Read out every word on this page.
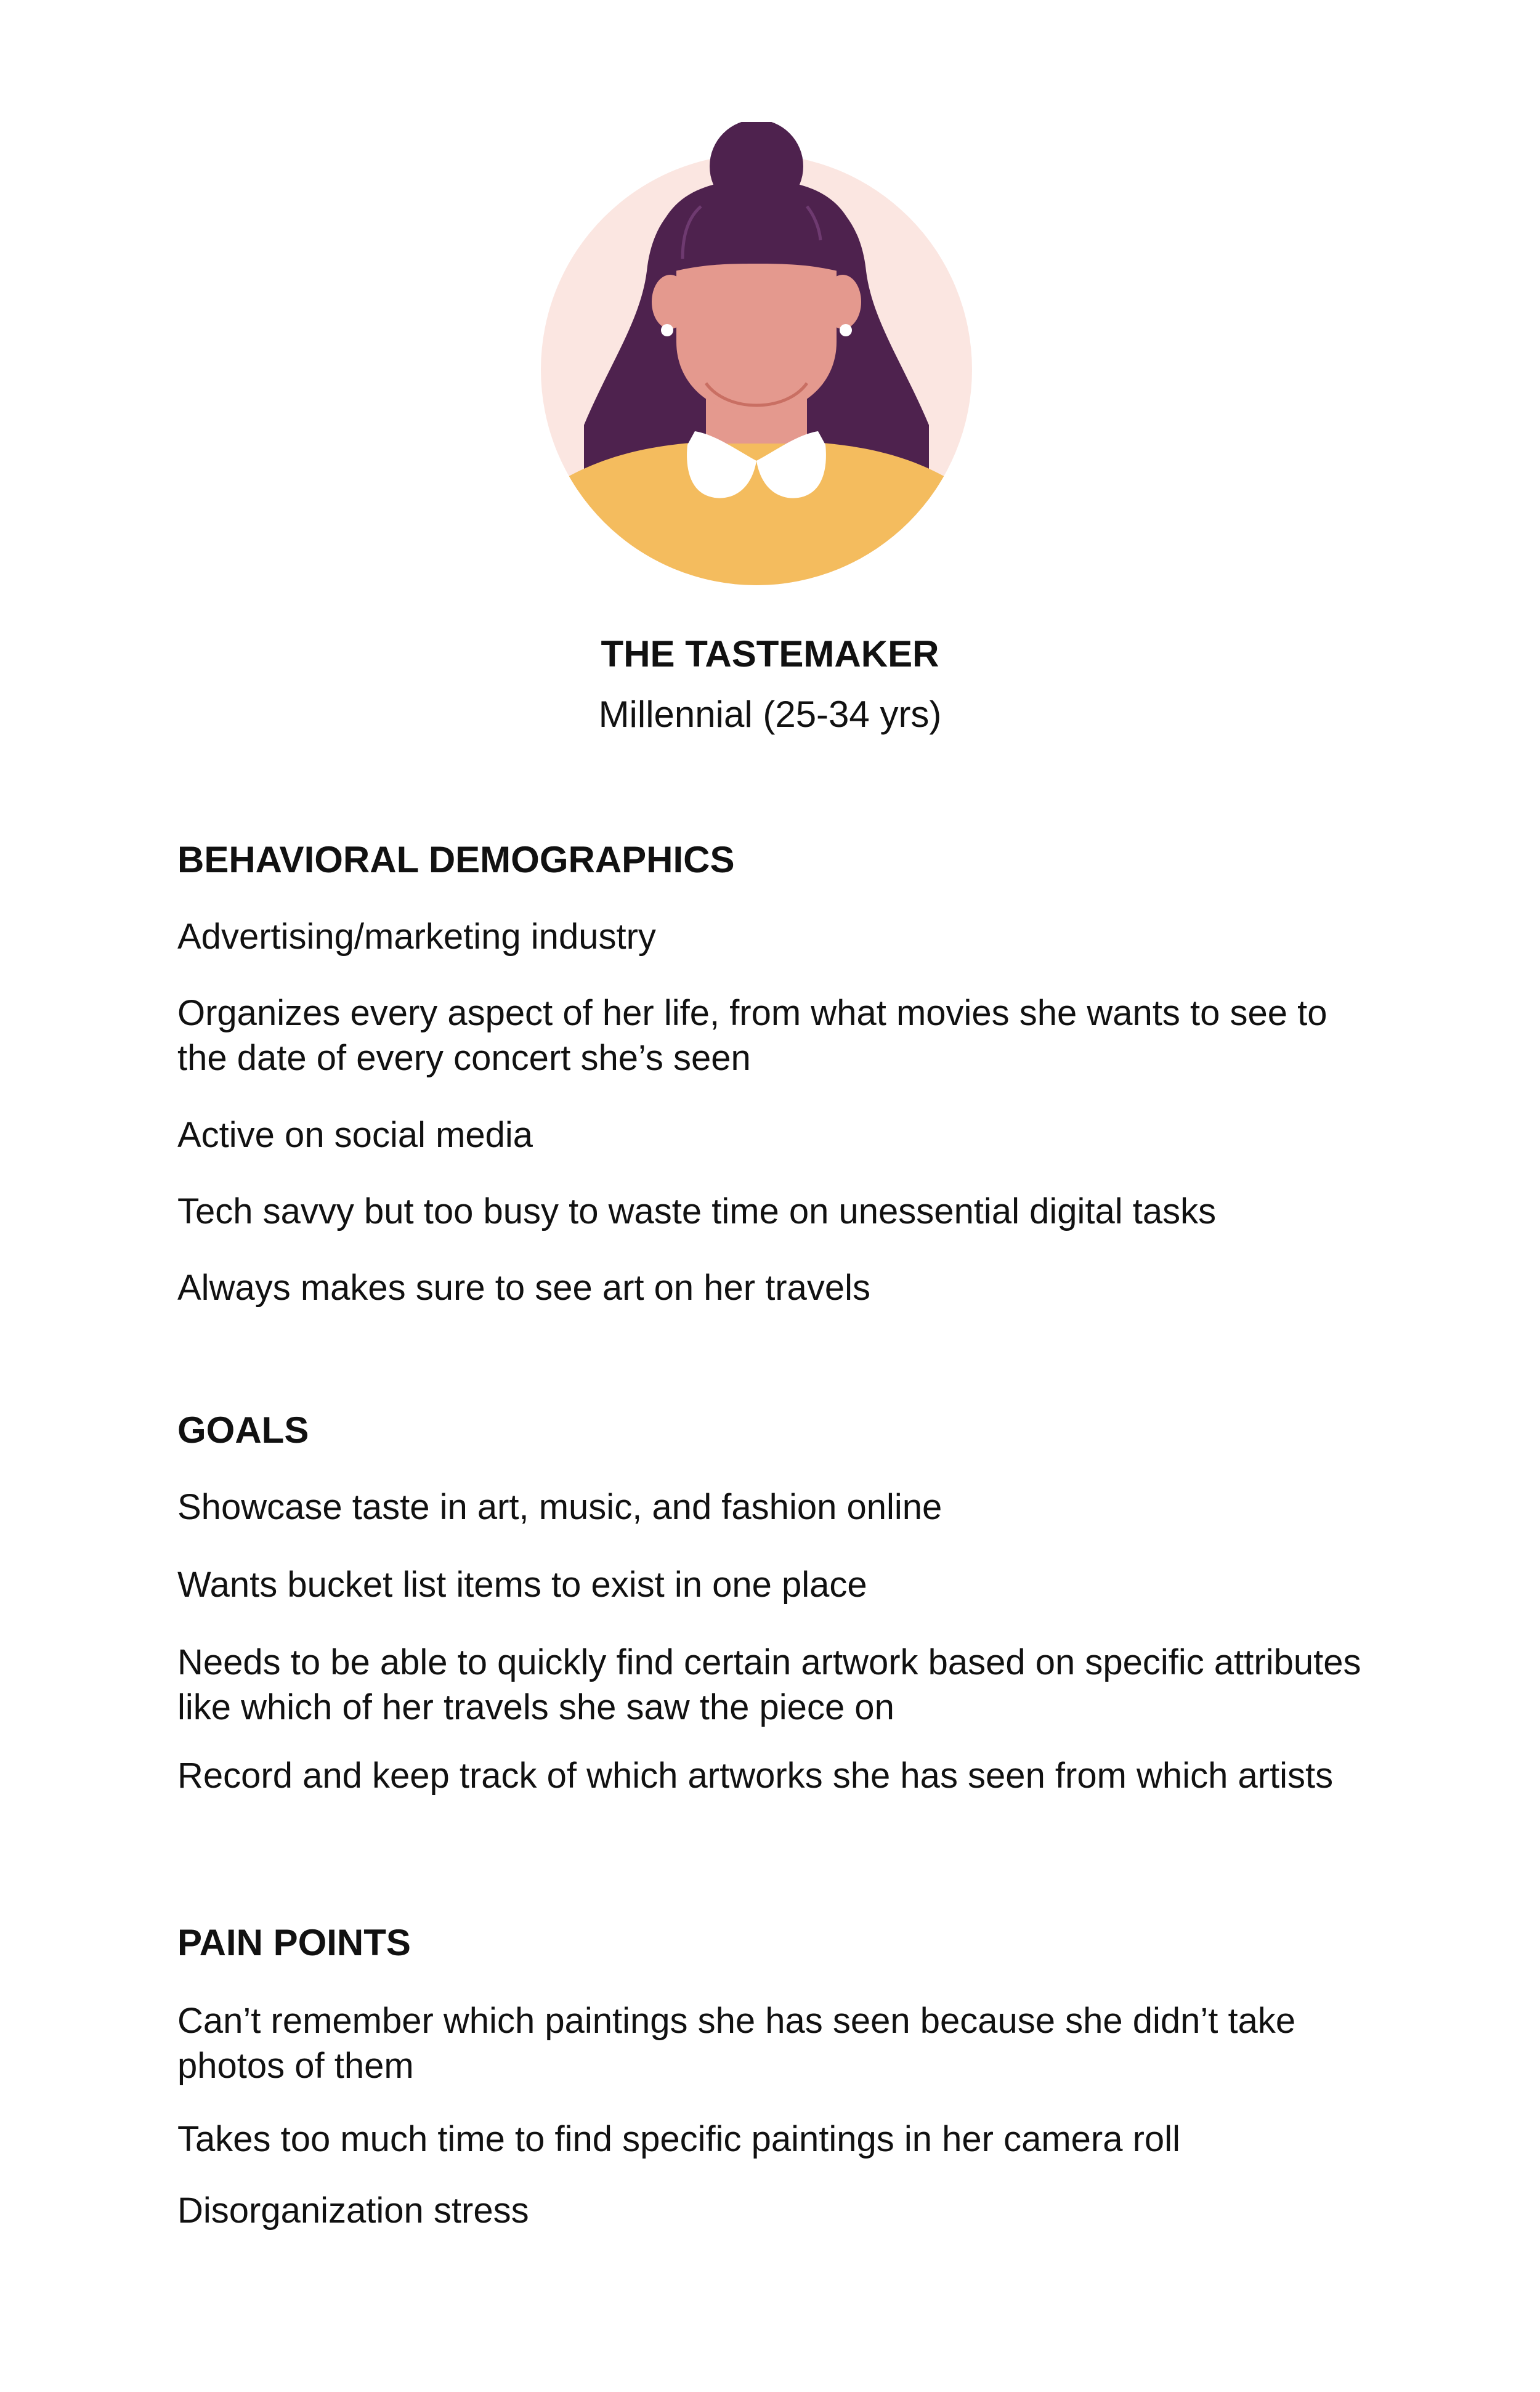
THE TASTEMAKER

Millennial (25-34 yrs)

BEHAVIORAL DEMOGRAPHICS

Advertising/marketing industry

Organizes every aspect of her life, from what movies she wants to see to the date of every concert she’s seen

Active on social media

Tech savvy but too busy to waste time on unessential digital tasks

Always makes sure to see art on her travels

GOALS

Showcase taste in art, music, and fashion online

Wants bucket list items to exist in one place

Needs to be able to quickly find certain artwork based on specific attributes like which of her travels she saw the piece on

Record and keep track of which artworks she has seen from which artists

PAIN POINTS

Can’t remember which paintings she has seen because she didn’t take photos of them

Takes too much time to find specific paintings in her camera roll

Disorganization stress
